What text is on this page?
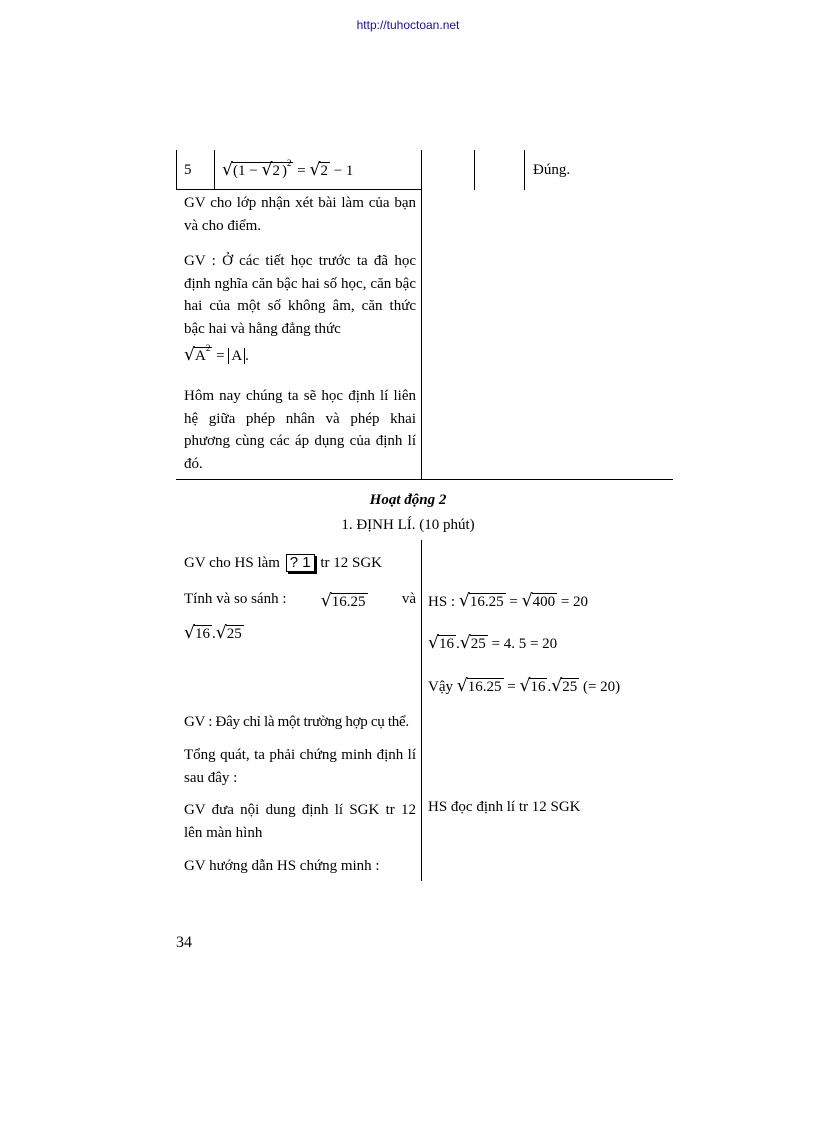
http://tuhoctoan.net
5 √(1 − √2 )$^2$ = √2 − 1	Đúng.
GV cho lớp nhận xét bài làm của bạn và cho điểm.
GV : Ở các tiết học trước ta đã học định nghĩa căn bậc hai số học, căn bậc hai của một số không âm, căn thức bậc hai và hằng đẳng thức
$√A^2 = A$ .
Hôm nay chúng ta sẽ học định lí liên hệ giữa phép nhân và phép khai phương cùng các áp dụng của định lí đó.
Hoạt động 2
1. ĐỊNH LÍ. (10 phút)
GV cho HS làm ? 1 tr 12 SGK
Tính và so sánh : √16.25 và
√16 .√25
HS : √16.25 = √400 = 20
√16 .√25 = 4. 5 = 20
Vậy √16.25 = √16 .√25 (= 20)
GV : Đây chỉ là một trường hợp cụ thể.
Tổng quát, ta phải chứng minh định lí sau đây :
GV đưa nội dung định lí SGK tr 12 lên màn hình
HS đọc định lí tr 12 SGK
GV hướng dẫn HS chứng minh :
34
